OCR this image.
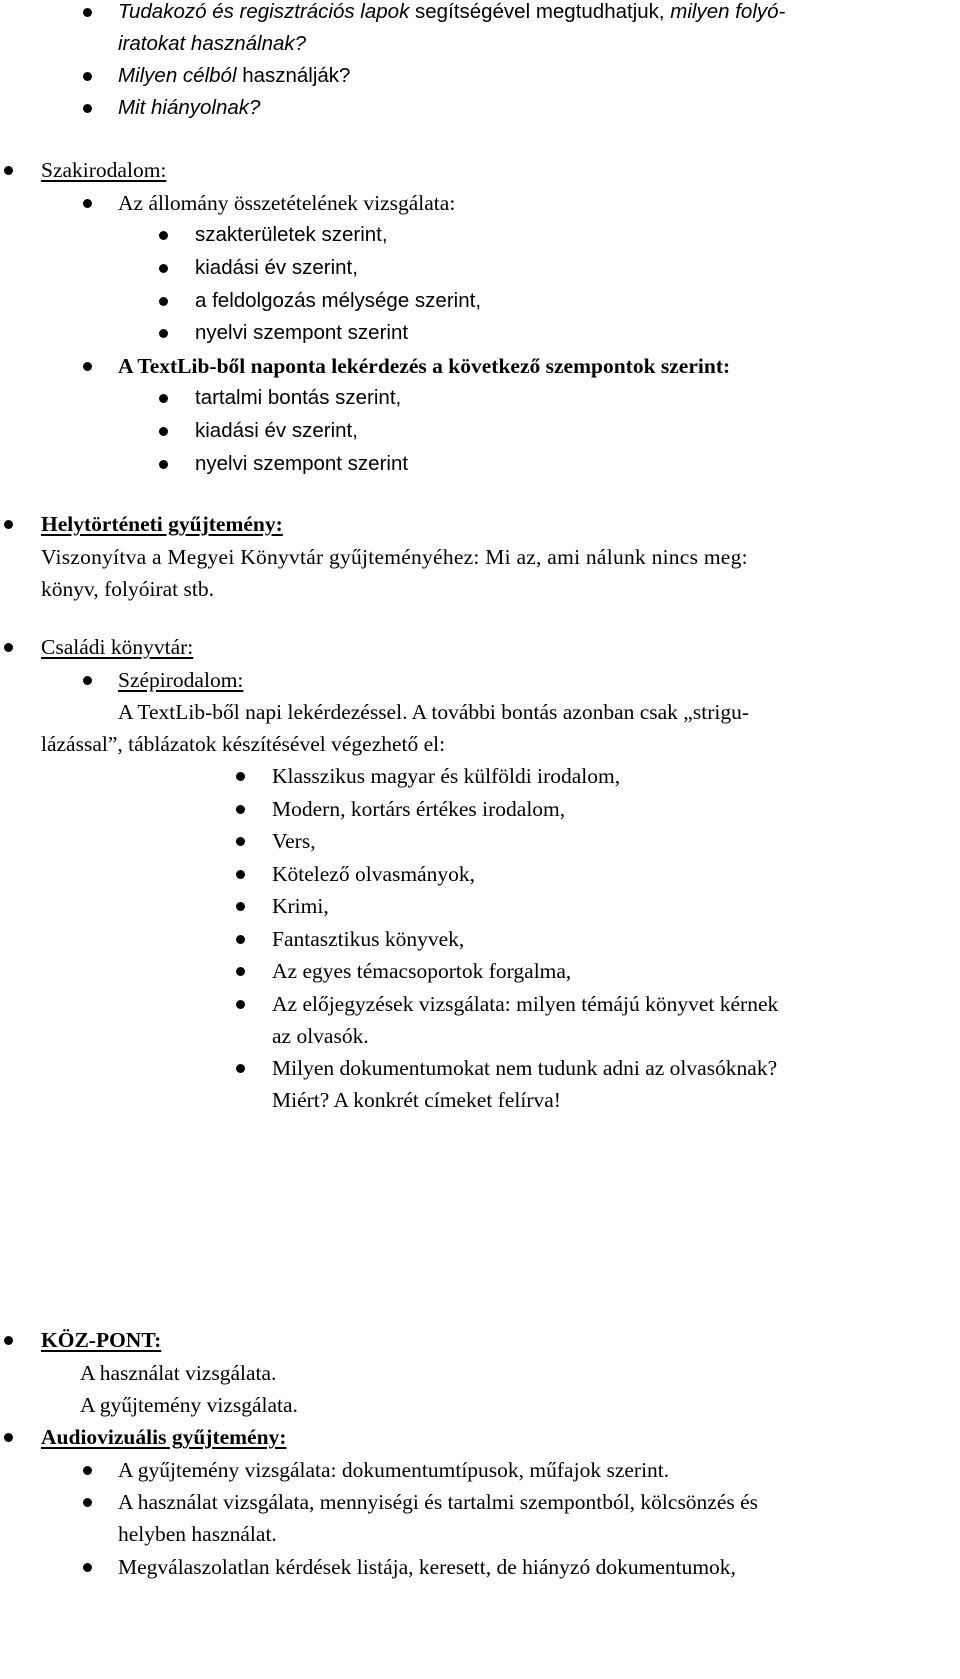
Tudakozó és regisztrációs lapok segítségével megtudhatjuk, milyen folyó-
iratokat használnak?
Milyen célból használják?
Mit hiányolnak?
Szakirodalom:
Az állomány összetételének vizsgálata:
szakterületek szerint,
kiadási év szerint,
a feldolgozás mélysége szerint,
nyelvi szempont szerint
A TextLib-ből naponta lekérdezés a következő szempontok szerint:
tartalmi bontás szerint,
kiadási év szerint,
nyelvi szempont szerint
Helytörténeti gyűjtemény:
Viszonyítva a Megyei Könyvtár gyűjteményéhez: Mi az, ami nálunk nincs meg:
könyv, folyóirat stb.
Családi könyvtár:
Szépirodalom:
A TextLib-ből napi lekérdezéssel. A további bontás azonban csak „strigu-
lázással”, táblázatok készítésével végezhető el:
Klasszikus magyar és külföldi irodalom,
Modern, kortárs értékes irodalom,
Vers,
Kötelező olvasmányok,
Krimi,
Fantasztikus könyvek,
Az egyes témacsoportok forgalma,
Az előjegyzések vizsgálata: milyen témájú könyvet kérnek
az olvasók.
Milyen dokumentumokat nem tudunk adni az olvasóknak?
Miért? A konkrét címeket felírva!
KÖZ-PONT:
A használat vizsgálata.
A gyűjtemény vizsgálata.
Audiovizuális gyűjtemény:
A gyűjtemény vizsgálata: dokumentumtípusok, műfajok szerint.
A használat vizsgálata, mennyiségi és tartalmi szempontból, kölcsönzés és
helyben használat.
Megválaszolatlan kérdések listája, keresett, de hiányzó dokumentumok,
